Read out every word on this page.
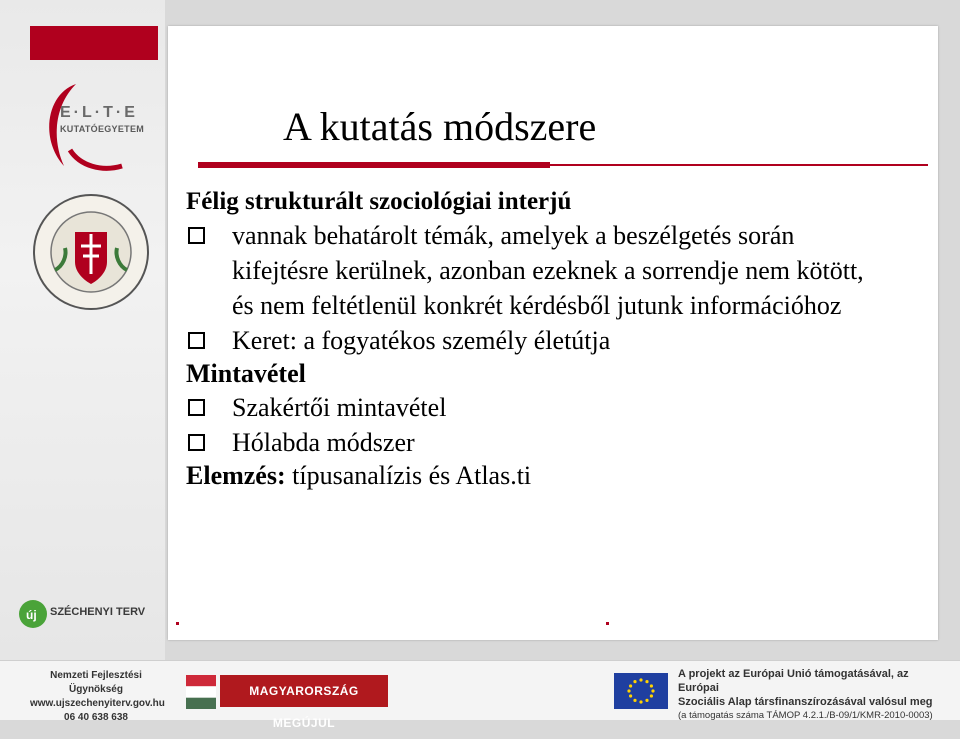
E·L·T·E
KUTATÓEGYETEM
új SZÉCHENYI TERV
A kutatás módszere
Félig strukturált szociológiai interjú
vannak behatárolt témák, amelyek a beszélgetés során kifejtésre kerülnek, azonban ezeknek a sorrendje nem kötött, és nem feltétlenül konkrét kérdésből jutunk információhoz
Keret: a fogyatékos személy életútja
Mintavétel
Szakértői mintavétel
Hólabda módszer
Elemzés: típusanalízis és Atlas.ti
Nemzeti Fejlesztési Ügynökség
www.ujszechenyiterv.gov.hu
06 40 638 638
MAGYARORSZÁG MEGÚJUL
A projekt az Európai Unió támogatásával, az Európai
Szociális Alap társfinanszírozásával valósul meg
(a támogatás száma TÁMOP 4.2.1./B-09/1/KMR-2010-0003)
